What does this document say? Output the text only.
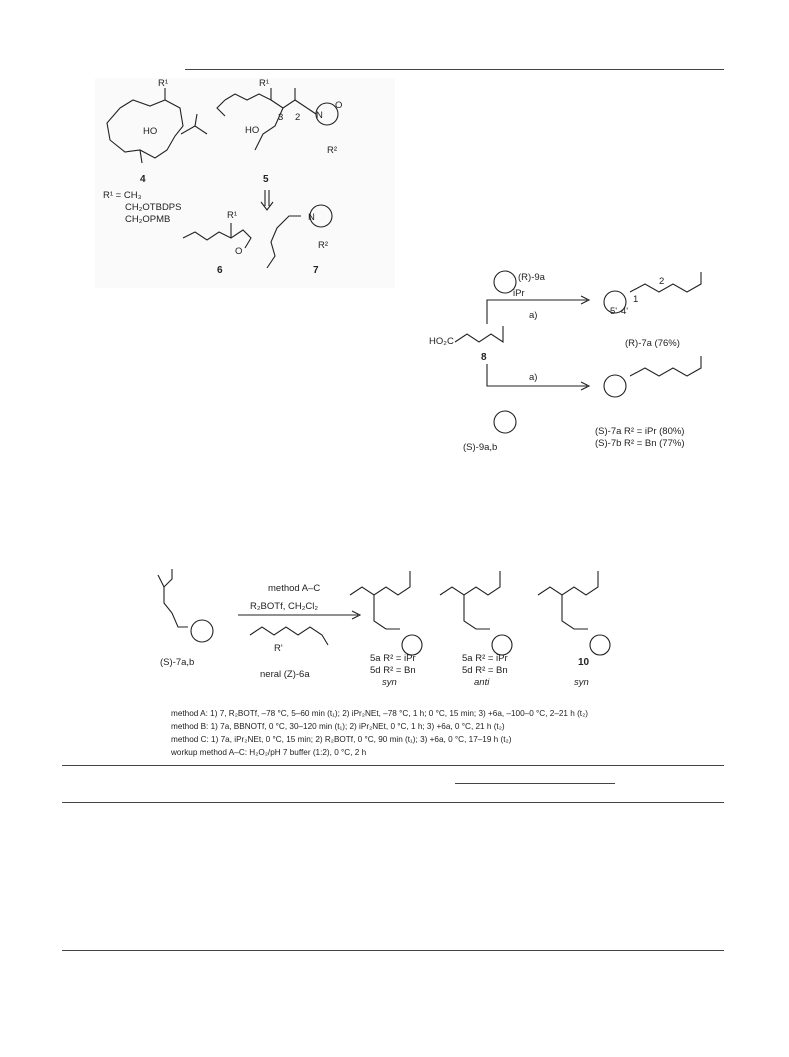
R¹
HO
4
R¹
HO
3 2 N
O
R²
5
R¹ = CH₃
CH₂OTBDPS
CH₂OPMB	R¹
O
6
N
R²
7
(R)-9a
iPr
HO₂C
8
a)
a)
5' 4'
1
2
(R)-7a (76%)
(S)-9a,b
(S)-7a R² = iPr (80%)
(S)-7b R² = Bn (77%)
(S)-7a,b
method A–C
R₂BOTf, CH₂Cl₂
R'
neral (Z)-6a
5a R² = iPr
5d R² = Bn
syn
5a R² = iPr
5d R² = Bn
anti
10
syn
method A: 1) 7, R₂BOTf, –78 °C, 5–60 min (t₁); 2) iPr₂NEt, –78 °C, 1 h; 0 °C, 15 min; 3) +6a, –100–0 °C, 2–21 h (t₂)
method B: 1) 7a, BBNOTf, 0 °C, 30–120 min (t₁); 2) iPr₂NEt, 0 °C, 1 h; 3) +6a, 0 °C, 21 h (t₂)
method C: 1) 7a, iPr₂NEt, 0 °C, 15 min; 2) R₂BOTf, 0 °C, 90 min (t₁); 3) +6a, 0 °C, 17–19 h (t₂)
workup method A–C: H₂O₂/pH 7 buffer (1:2), 0 °C, 2 h
